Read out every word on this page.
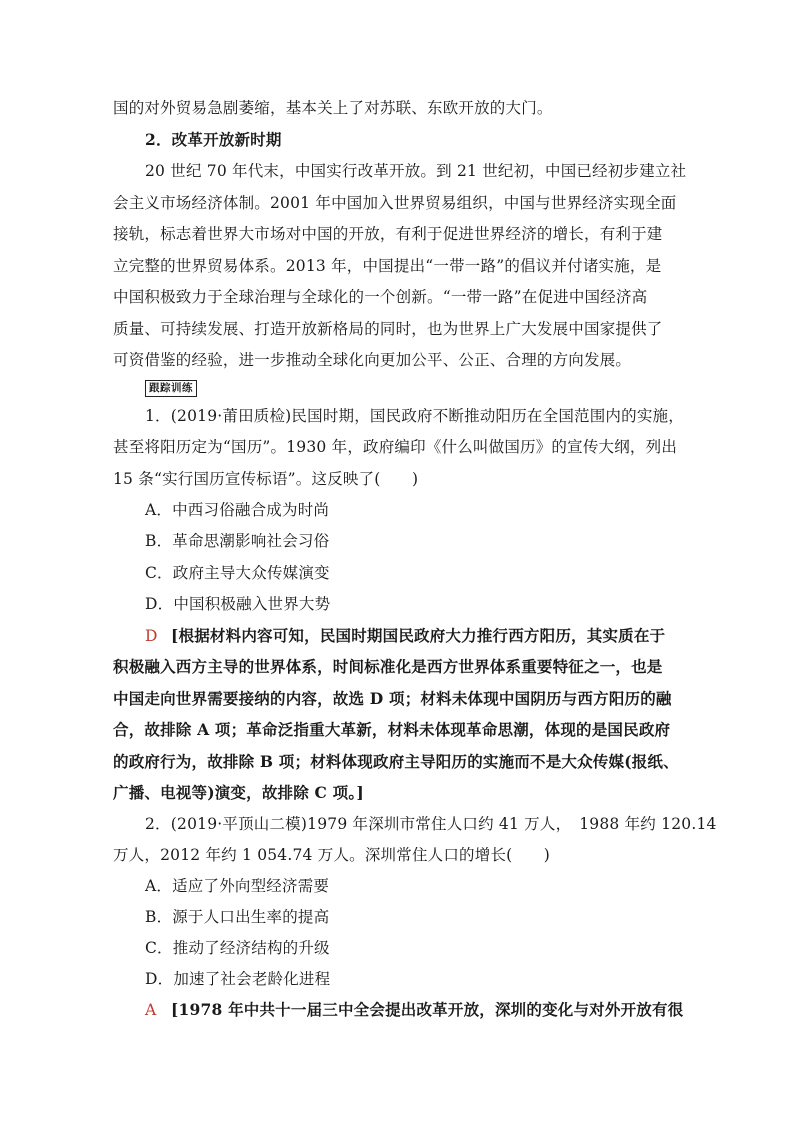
国的对外贸易急剧萎缩，基本关上了对苏联、东欧开放的大门。
2．改革开放新时期
20 世纪 70 年代末，中国实行改革开放。到 21 世纪初，中国已经初步建立社
会主义市场经济体制。2001 年中国加入世界贸易组织，中国与世界经济实现全面
接轨，标志着世界大市场对中国的开放，有利于促进世界经济的增长，有利于建
立完整的世界贸易体系。2013 年，中国提出“一带一路”的倡议并付诸实施，是
中国积极致力于全球治理与全球化的一个创新。“一带一路”在促进中国经济高
质量、可持续发展、打造开放新格局的同时，也为世界上广大发展中国家提供了
可资借鉴的经验，进一步推动全球化向更加公平、公正、合理的方向发展。
跟踪训练
1．(2019·莆田质检)民国时期，国民政府不断推动阳历在全国范围内的实施，
甚至将阳历定为“国历”。1930 年，政府编印《什么叫做国历》的宣传大纲，列出
15 条“实行国历宣传标语”。这反映了(　　)
A．中西习俗融合成为时尚
B．革命思潮影响社会习俗
C．政府主导大众传媒演变
D．中国积极融入世界大势
D [根据材料内容可知，民国时期国民政府大力推行西方阳历，其实质在于
积极融入西方主导的世界体系，时间标准化是西方世界体系重要特征之一，也是
中国走向世界需要接纳的内容，故选 D 项；材料未体现中国阴历与西方阳历的融
合，故排除 A 项；革命泛指重大革新，材料未体现革命思潮，体现的是国民政府
的政府行为，故排除 B 项；材料体现政府主导阳历的实施而不是大众传媒(报纸、
广播、电视等)演变，故排除 C 项。]
2．(2019·平顶山二模)1979 年深圳市常住人口约 41 万人，　1988 年约 120.14
万人，2012 年约 1 054.74 万人。深圳常住人口的增长(　　)
A．适应了外向型经济需要
B．源于人口出生率的提高
C．推动了经济结构的升级
D．加速了社会老龄化进程
A [1978 年中共十一届三中全会提出改革开放，深圳的变化与对外开放有很
